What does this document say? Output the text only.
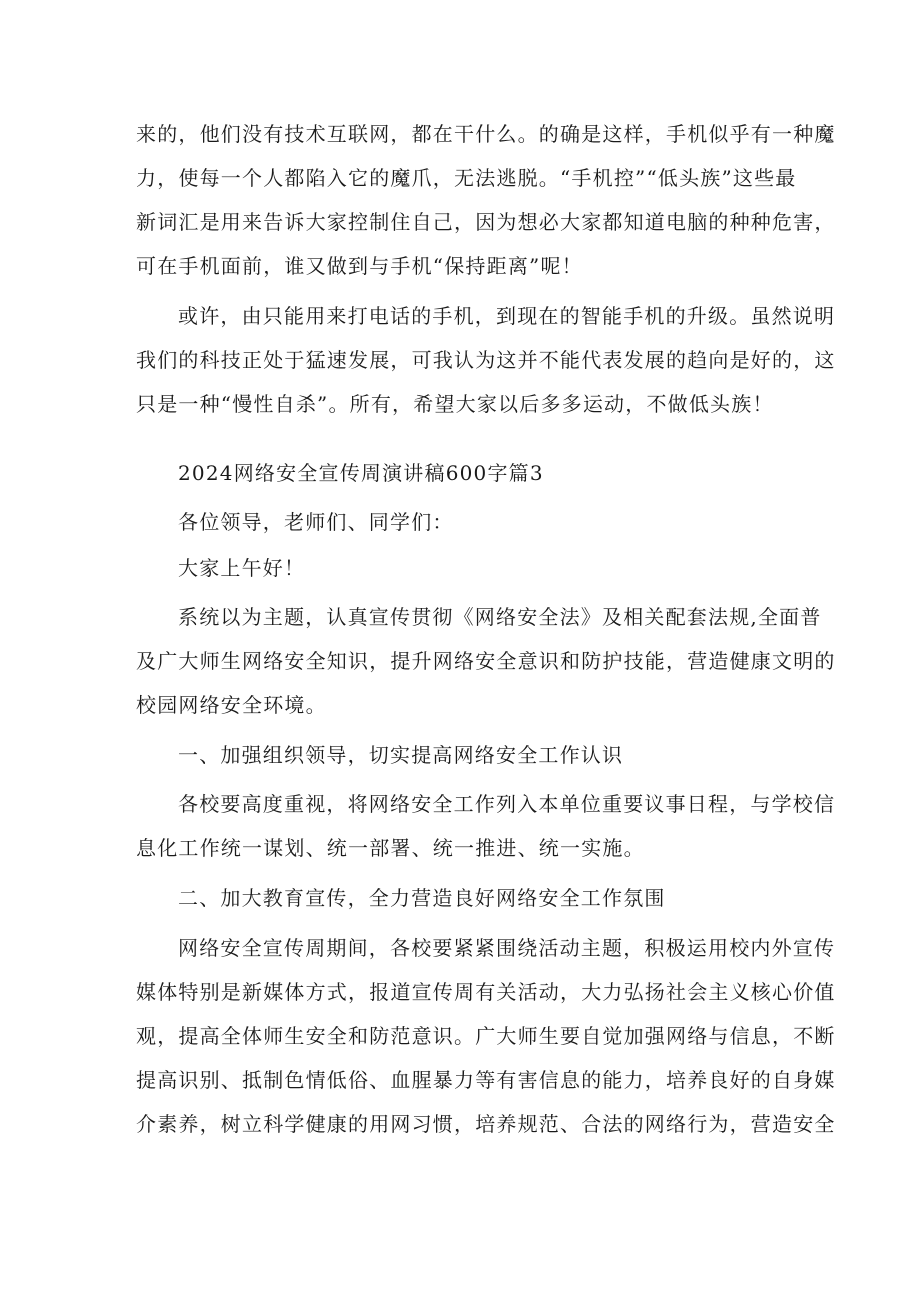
来的，他们没有技术互联网，都在干什么。的确是这样，手机似乎有一种魔
力，使每一个人都陷入它的魔爪，无法逃脱。“手机控”“低头族”这些最
新词汇是用来告诉大家控制住自己，因为想必大家都知道电脑的种种危害，
可在手机面前，谁又做到与手机“保持距离”呢！
或许，由只能用来打电话的手机，到现在的智能手机的升级。虽然说明
我们的科技正处于猛速发展，可我认为这并不能代表发展的趋向是好的，这
只是一种“慢性自杀”。所有，希望大家以后多多运动，不做低头族！
2024网络安全宣传周演讲稿600字篇3
各位领导，老师们、同学们：
大家上午好！
系统以为主题，认真宣传贯彻《网络安全法》及相关配套法规,全面普
及广大师生网络安全知识，提升网络安全意识和防护技能，营造健康文明的
校园网络安全环境。
一、加强组织领导，切实提高网络安全工作认识
各校要高度重视，将网络安全工作列入本单位重要议事日程，与学校信
息化工作统一谋划、统一部署、统一推进、统一实施。
二、加大教育宣传，全力营造良好网络安全工作氛围
网络安全宣传周期间，各校要紧紧围绕活动主题，积极运用校内外宣传
媒体特别是新媒体方式，报道宣传周有关活动，大力弘扬社会主义核心价值
观，提高全体师生安全和防范意识。广大师生要自觉加强网络与信息，不断
提高识别、抵制色情低俗、血腥暴力等有害信息的能力，培养良好的自身媒
介素养，树立科学健康的用网习惯，培养规范、合法的网络行为，营造安全
